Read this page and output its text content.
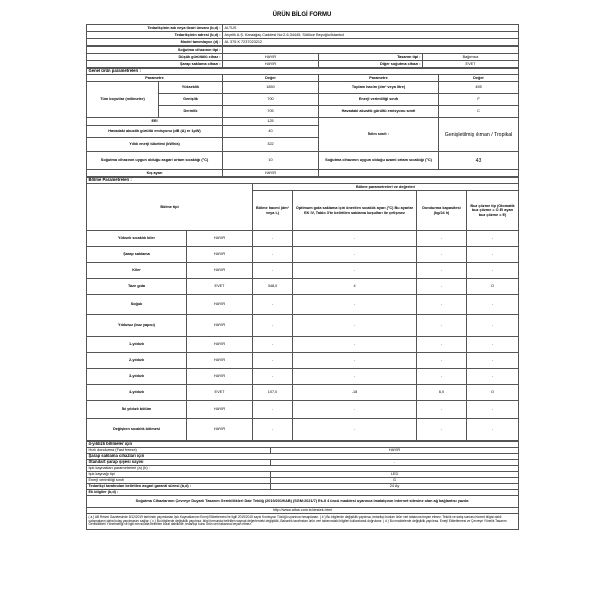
ÜRÜN BİLGİ FORMU
Tedarikçinin adı veya ticari ünvanı (b,d) :	ALTUS
Tedarikçinin adresi (b,d) :	Arçelik A.Ş. Karaağaç Caddesi No:2-6,34445, Sütlüce Beyoğlu/İstanbul
Model tanımlayıcı (d) :	AL 375 K 7237023212
Soğutma cihazının tipi :			
Düşük gürültülü cihaz :	HAYIR	Tasarım tipi :	Bağımsız
Şarap saklama cihazı :	HAYIR	Diğer soğutma cihazı :	EVET
Genel ürün parametreleri :				
Parametre		Değer	Parametre	Değer
Tüm boyutlar (milimetre)	Yükseklik	1850	Toplam hacim (dm³ veya litre)	455
	Genişlik	700	Enerji verimliliği sınıfı	F
	Derinlik	705	Havadaki akustik gürültü emisyonu sınıfı	C
EEI		125	İklim sınıfı :	Genişletilmiş ılıman / Tropikal
Havadaki akustik gürültü emisyonu (dB (A) re 1pW)		40		
Yıllık enerji tüketimi (kWh/a)		322		
Soğutma cihazının uygun olduğu asgari ortam sıcaklığı (°C)		10	Soğutma cihazının uygun olduğu azami ortam sıcaklığı (°C)	43
Kış ayarı		HAYIR		
Bölme Parametreleri :					
Bölme tipi		Bölme parametreleri ve değerleri			
		Bölme hacmi (dm³ veya L)	Optimum gıda saklama için önerilen sıcaklık ayarı (°C) Bu ayarlar EK IV, Tablo 3'te belirtilen saklama koşulları ile çelişmez	Dondurma kapasitesi (kg/24 h)	Buz çözme tip (Otomatik buz çözme = O El ayarı buz çözme = E)
Yüksek sıcaklık kiler	HAYIR	-	-	-	-
Şarap saklama	HAYIR	-	-	-	-
Kiler	HAYIR	-	-	-	-
Taze gıda	EVET	348,0	4	-	O
Soğuk	HAYIR	-	-	-	-
Yıldızsız (buz yapıcı)	HAYIR	-	-	-	-
1-yıldızlı	HAYIR	-	-	-	-
2-yıldızlı	HAYIR	-	-	-	-
3-yıldızlı	HAYIR	-	-	-	-
4-yıldızlı	EVET	107,0	-18	6,0	O
İki yıldızlı bölüm	HAYIR	-	-	-	-
Değişken sıcaklık bölmesi	HAYIR	-	-	-	-
4-yıldızlı bölmeler için	
Hızlı dondurma (Fast freeze)	HAYIR
Şarap saklama cihazları için	
Standart şarap şişesi sayısı	-
Işık kaynakları parametreleri (a) (b) :	
Işık kaynağı tipi	LED
Enerji verimliliği sınıfı	G
Tedarikçi tarafından belirtilen asgari garanti süresi (b,d) :	24 Ay
Ek bilgiler (b,d) :	
Soğutma Cihazlarının Çevreye Duyarlı Tasarım Gereklilikleri Dair Tebliğ (2019/2019/AB) (SGM:2021/7) Ek-II 4 üncü maddesi uyarınca imalatçının internet sitesine olan ağ bağlantısı yazılır.	
http://www.altus.com.tr/destek.html	
( a ) AB Resmi Gazetesinde 5/12/2019 tarihinde yayımlanan Işık Kaynaklarının Enerji Etiketlemesi ile İlgili 2019/2015 sayılı Komisyon Tüzüğü uyarınca hesaplanan. ( b ) Bu bilgilerde değişiklik yapılırsa, tedarikçi bunları ürün veri tabanına beyan etmez. Teknik ve satış sonrası hizmet bilgisi dahil çalışmaların daha kolay yapılmasını sağlar. ( c ) Bu bilgilerde değişiklik yapılırsa, bilgi formunda belirtilen sayısal değerlerdeki değişiklik, Bakanlık tarafından ürün veri tabanındaki bilgileri kullanılarak doğrulanır. ( d ) Bu maddelerde değişiklik yapılırsa, Enerji Etiketlemesi ve Çevreye Yönelik Tasarım Gereklilikleri Yönetmeliği ve ilgili mevzuatta belirtilen kural dahilinde, tedarikçi bunu ürün veri tabanına beyan etmez.	
